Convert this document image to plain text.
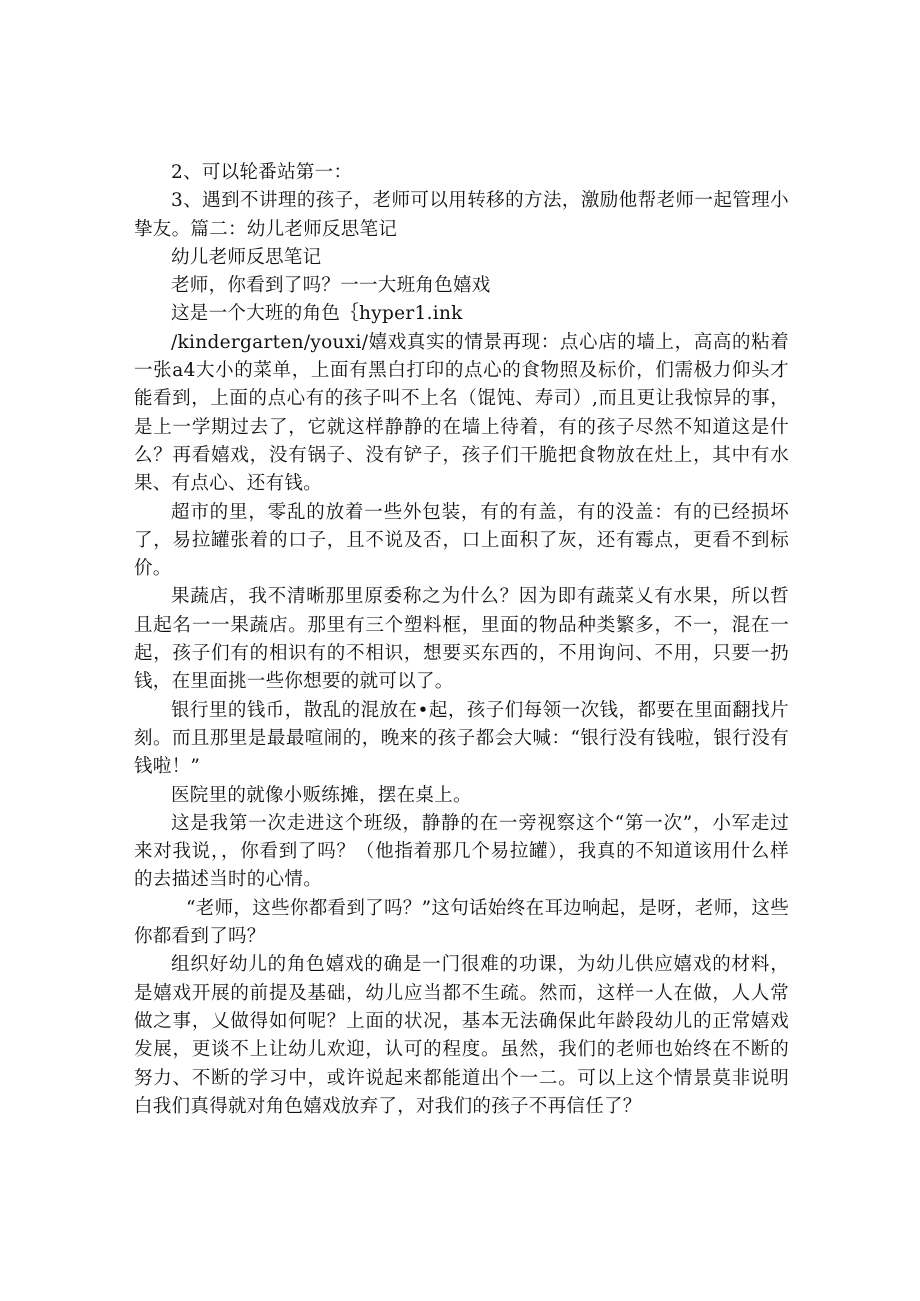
2、可以轮番站第一：

3、遇到不讲理的孩子，老师可以用转移的方法，激励他帮老师一起管理小挚友。篇二：幼儿老师反思笔记

幼儿老师反思笔记

老师，你看到了吗？一一大班角色嬉戏

这是一个大班的角色｛hyper1.ink

/kindergarten/youxi/嬉戏真实的情景再现：点心店的墙上，高高的粘着一张a4大小的菜单，上面有黑白打印的点心的食物照及标价，们需极力仰头才能看到，上面的点心有的孩子叫不上名（馄饨、寿司）,而且更让我惊异的事，是上一学期过去了，它就这样静静的在墙上待着，有的孩子尽然不知道这是什么？再看嬉戏，没有锅子、没有铲子，孩子们干脆把食物放在灶上，其中有水果、有点心、还有钱。

超市的里，零乱的放着一些外包装，有的有盖，有的没盖：有的已经损坏了，易拉罐张着的口子，且不说及否，口上面积了灰，还有霉点，更看不到标价。

果蔬店，我不清晰那里原委称之为什么？因为即有蔬菜乂有水果，所以哲且起名一一果蔬店。那里有三个塑料框，里面的物品种类繁多，不一，混在一起，孩子们有的相识有的不相识，想要买东西的，不用询问、不用，只要一扔钱，在里面挑一些你想要的就可以了。

银行里的钱币，散乱的混放在•起，孩子们每领一次钱，都要在里面翻找片刻。而且那里是最最喧闹的，晚来的孩子都会大喊：“银行没有钱啦，银行没有钱啦！”

医院里的就像小贩练摊，摆在桌上。

这是我第一次走进这个班级，静静的在一旁视察这个“第一次”，小军走过来对我说，，你看到了吗？（他指着那几个易拉罐），我真的不知道该用什么样的去描述当时的心情。

“老师，这些你都看到了吗？”这句话始终在耳边响起，是呀，老师，这些你都看到了吗？

组织好幼儿的角色嬉戏的确是一门很难的功课，为幼儿供应嬉戏的材料，是嬉戏开展的前提及基础，幼儿应当都不生疏。然而，这样一人在做，人人常做之事，乂做得如何呢？上面的状况，基本无法确保此年龄段幼儿的正常嬉戏发展，更谈不上让幼儿欢迎，认可的程度。虽然，我们的老师也始终在不断的努力、不断的学习中，或许说起来都能道出个一二。可以上这个情景莫非说明白我们真得就对角色嬉戏放弃了，对我们的孩子不再信任了？
